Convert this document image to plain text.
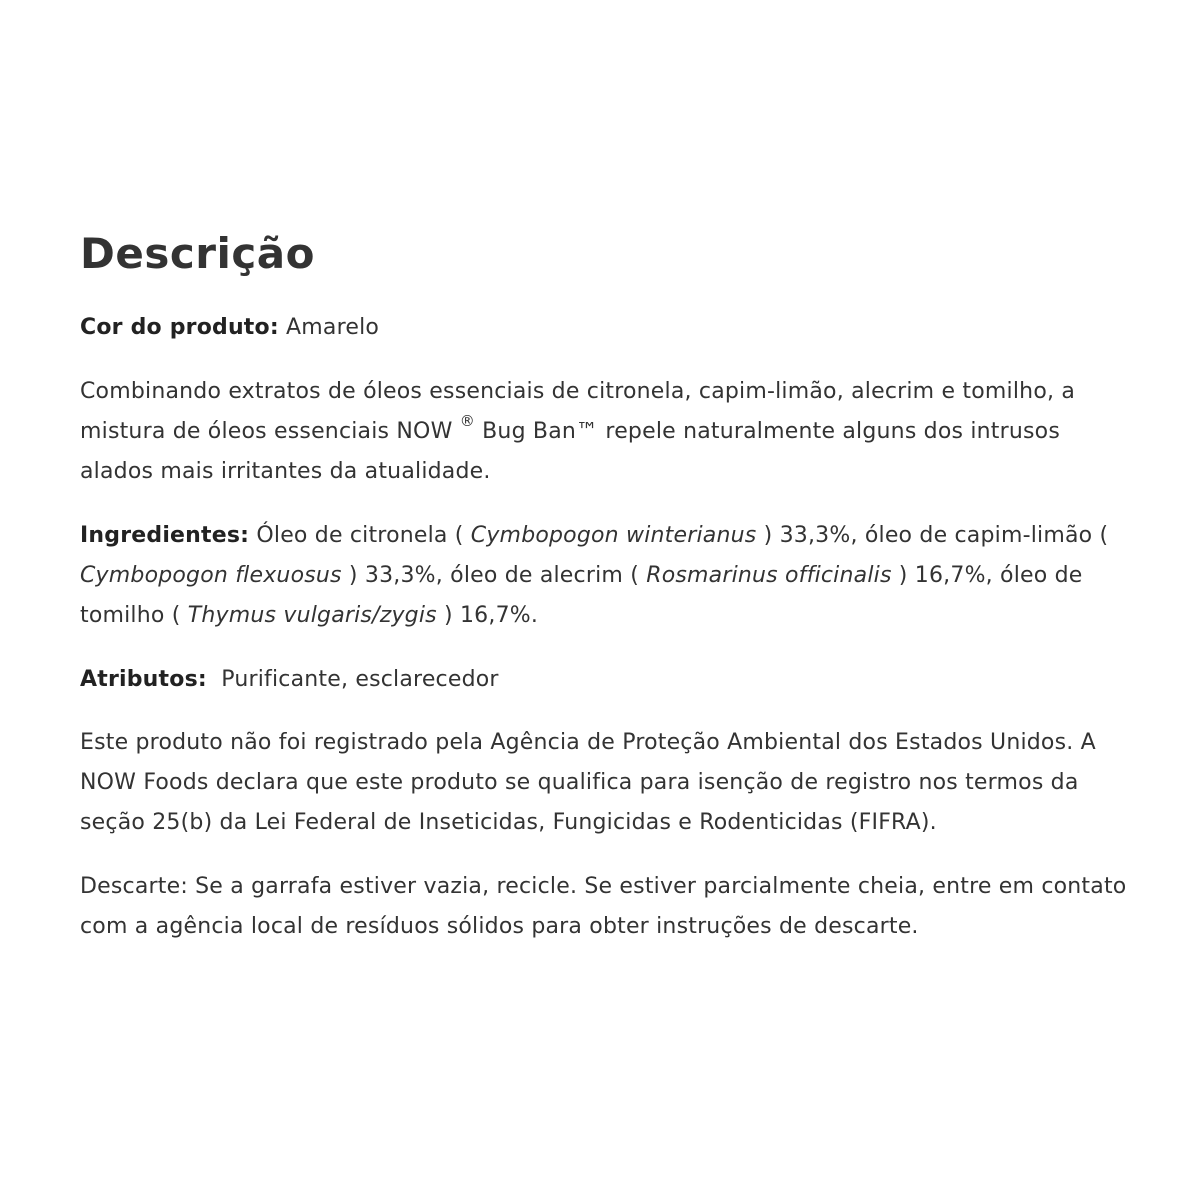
Descrição

Cor do produto: Amarelo

Combinando extratos de óleos essenciais de citronela, capim-limão, alecrim e tomilho, a mistura de óleos essenciais NOW ® Bug Ban™ repele naturalmente alguns dos intrusos alados mais irritantes da atualidade.

Ingredientes: Óleo de citronela ( Cymbopogon winterianus ) 33,3%, óleo de capim-limão ( Cymbopogon flexuosus ) 33,3%, óleo de alecrim ( Rosmarinus officinalis ) 16,7%, óleo de tomilho ( Thymus vulgaris/zygis ) 16,7%.

Atributos:  Purificante, esclarecedor

Este produto não foi registrado pela Agência de Proteção Ambiental dos Estados Unidos. A NOW Foods declara que este produto se qualifica para isenção de registro nos termos da seção 25(b) da Lei Federal de Inseticidas, Fungicidas e Rodenticidas (FIFRA).

Descarte: Se a garrafa estiver vazia, recicle. Se estiver parcialmente cheia, entre em contato com a agência local de resíduos sólidos para obter instruções de descarte.
